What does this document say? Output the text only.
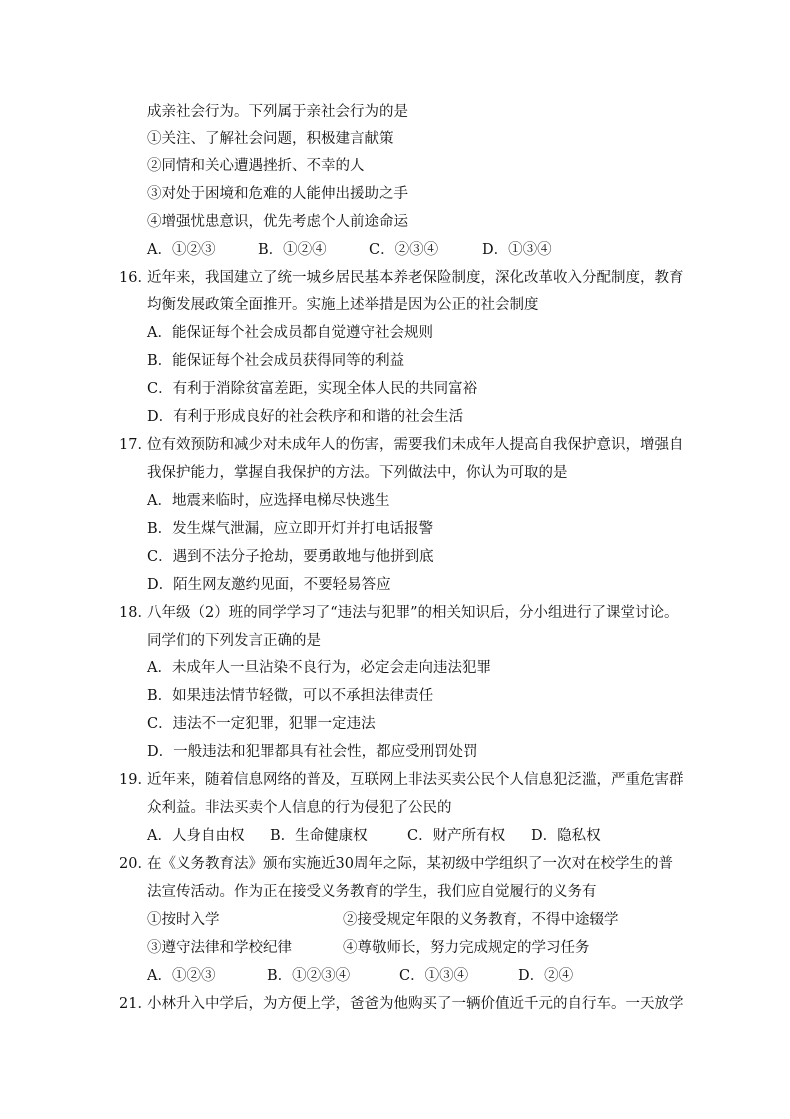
成亲社会行为。下列属于亲社会行为的是
①关注、了解社会问题，积极建言献策
②同情和关心遭遇挫折、不幸的人
③对处于困境和危难的人能伸出援助之手
④增强忧患意识，优先考虑个人前途命运
A．①②③	B．①②④	C．②③④	D．①③④
16．近年来，我国建立了统一城乡居民基本养老保险制度，深化改革收入分配制度，教育
均衡发展政策全面推开。实施上述举措是因为公正的社会制度
A．能保证每个社会成员都自觉遵守社会规则
B．能保证每个社会成员获得同等的利益
C．有利于消除贫富差距，实现全体人民的共同富裕
D．有利于形成良好的社会秩序和和谐的社会生活
17．位有效预防和减少对未成年人的伤害，需要我们未成年人提高自我保护意识，增强自
我保护能力，掌握自我保护的方法。下列做法中，你认为可取的是
A．地震来临时，应选择电梯尽快逃生
B．发生煤气泄漏，应立即开灯并打电话报警
C．遇到不法分子抢劫，要勇敢地与他拼到底
D．陌生网友邀约见面，不要轻易答应
18．八年级（2）班的同学学习了“违法与犯罪”的相关知识后，分小组进行了课堂讨论。
同学们的下列发言正确的是
A．未成年人一旦沾染不良行为，必定会走向违法犯罪
B．如果违法情节轻微，可以不承担法律责任
C．违法不一定犯罪，犯罪一定违法
D．一般违法和犯罪都具有社会性，都应受刑罚处罚
19．近年来，随着信息网络的普及，互联网上非法买卖公民个人信息犯泛滥，严重危害群
众利益。非法买卖个人信息的行为侵犯了公民的
A．人身自由权 B．生命健康权	C．财产所有权 D．隐私权
20．在《义务教育法》颁布实施近30周年之际，某初级中学组织了一次对在校学生的普
法宣传活动。作为正在接受义务教育的学生，我们应自觉履行的义务有
①按时入学	②接受规定年限的义务教育，不得中途辍学
③遵守法律和学校纪律	④尊敬师长，努力完成规定的学习任务
A．①②③	B．①②③④	C．①③④	D．②④
21．小林升入中学后，为方便上学，爸爸为他购买了一辆价值近千元的自行车。一天放学
